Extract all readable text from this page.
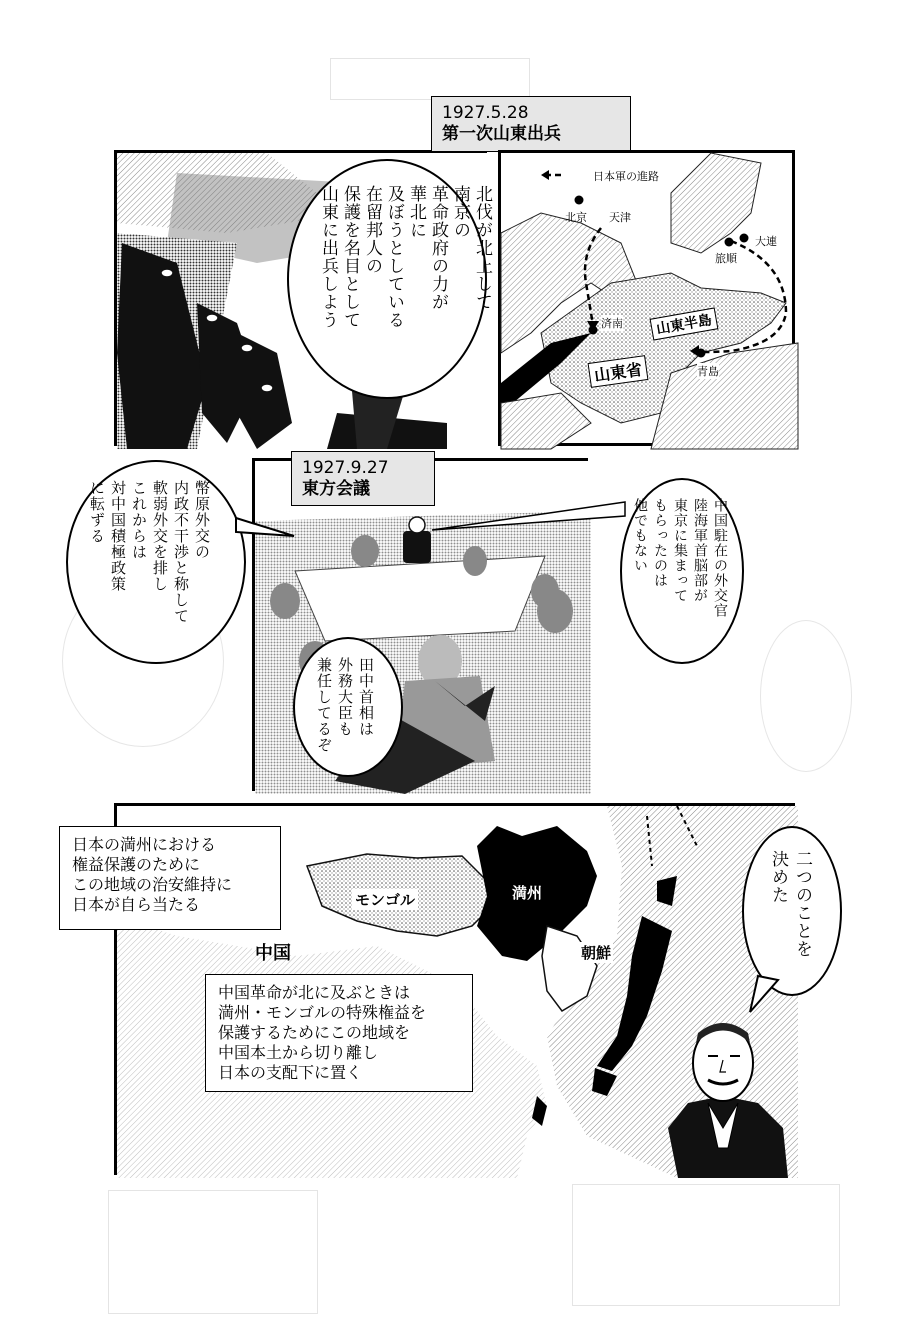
北伐が北上して
南京の
革命政府の力が
華北に
及ぼうとしている
在留邦人の
保護を名目として
山東に出兵しよう
1927.5.28
第一次山東出兵
日本軍の進路
北京 天津
大連
旅順
済南
青島
山東半島
山東省
田中首相は
外務大臣も
兼任してるぞ
1927.9.27
東方会議
幣原外交の
内政不干渉と称して
軟弱外交を排し
これからは
対中国積極政策
に転ずる	中国駐在の外交官
陸海軍首脳部が
東京に集まって
もらったのは
他でもない
日本の満州における
権益保護のために
この地域の治安維持に
日本が自ら当たる
中国革命が北に及ぶときは
満州・モンゴルの特殊権益を
保護するためにこの地域を
中国本土から切り離し
日本の支配下に置く
モンゴル	満州
中国	朝鮮	二つのことを
決めた
